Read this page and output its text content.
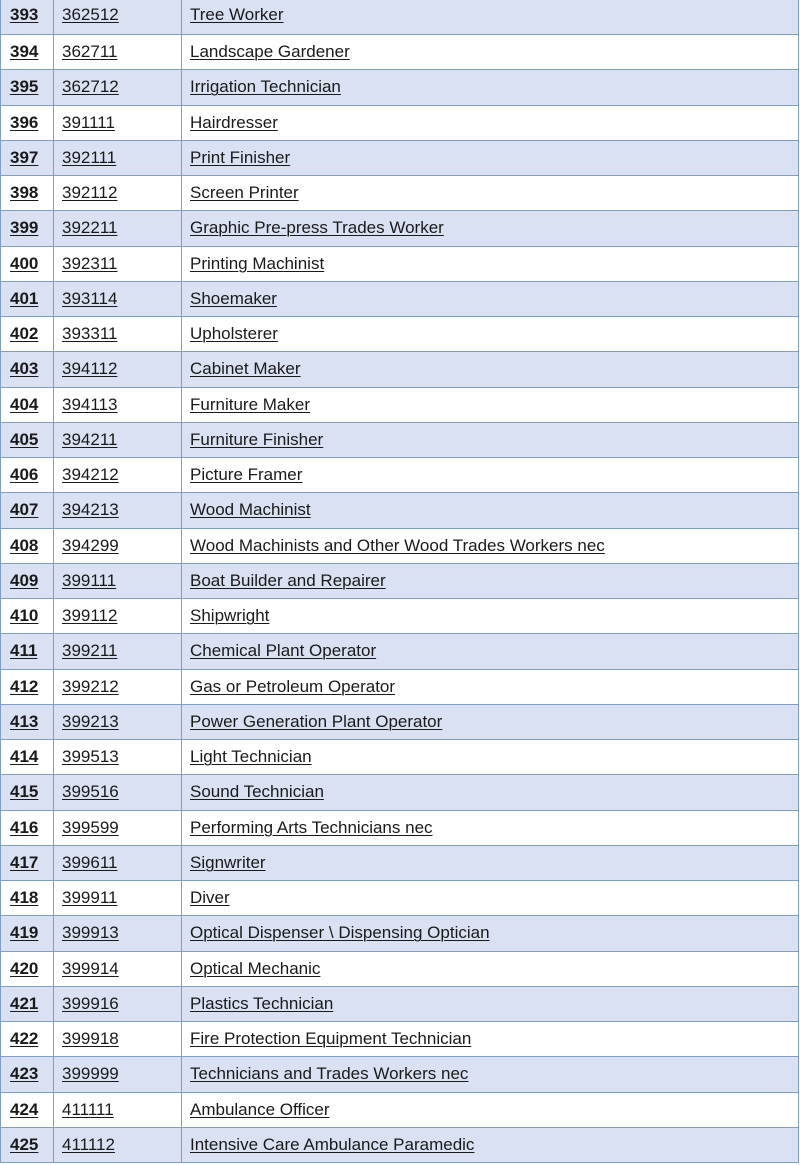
393	362512	Tree Worker
394	362711	Landscape Gardener
395	362712	Irrigation Technician
396	391111	Hairdresser
397	392111	Print Finisher
398	392112	Screen Printer
399	392211	Graphic Pre-press Trades Worker
400	392311	Printing Machinist
401	393114	Shoemaker
402	393311	Upholsterer
403	394112	Cabinet Maker
404	394113	Furniture Maker
405	394211	Furniture Finisher
406	394212	Picture Framer
407	394213	Wood Machinist
408	394299	Wood Machinists and Other Wood Trades Workers nec
409	399111	Boat Builder and Repairer
410	399112	Shipwright
411	399211	Chemical Plant Operator
412	399212	Gas or Petroleum Operator
413	399213	Power Generation Plant Operator
414	399513	Light Technician
415	399516	Sound Technician
416	399599	Performing Arts Technicians nec
417	399611	Signwriter
418	399911	Diver
419	399913	Optical Dispenser \ Dispensing Optician
420	399914	Optical Mechanic
421	399916	Plastics Technician
422	399918	Fire Protection Equipment Technician
423	399999	Technicians and Trades Workers nec
424	411111	Ambulance Officer
425	411112	Intensive Care Ambulance Paramedic
